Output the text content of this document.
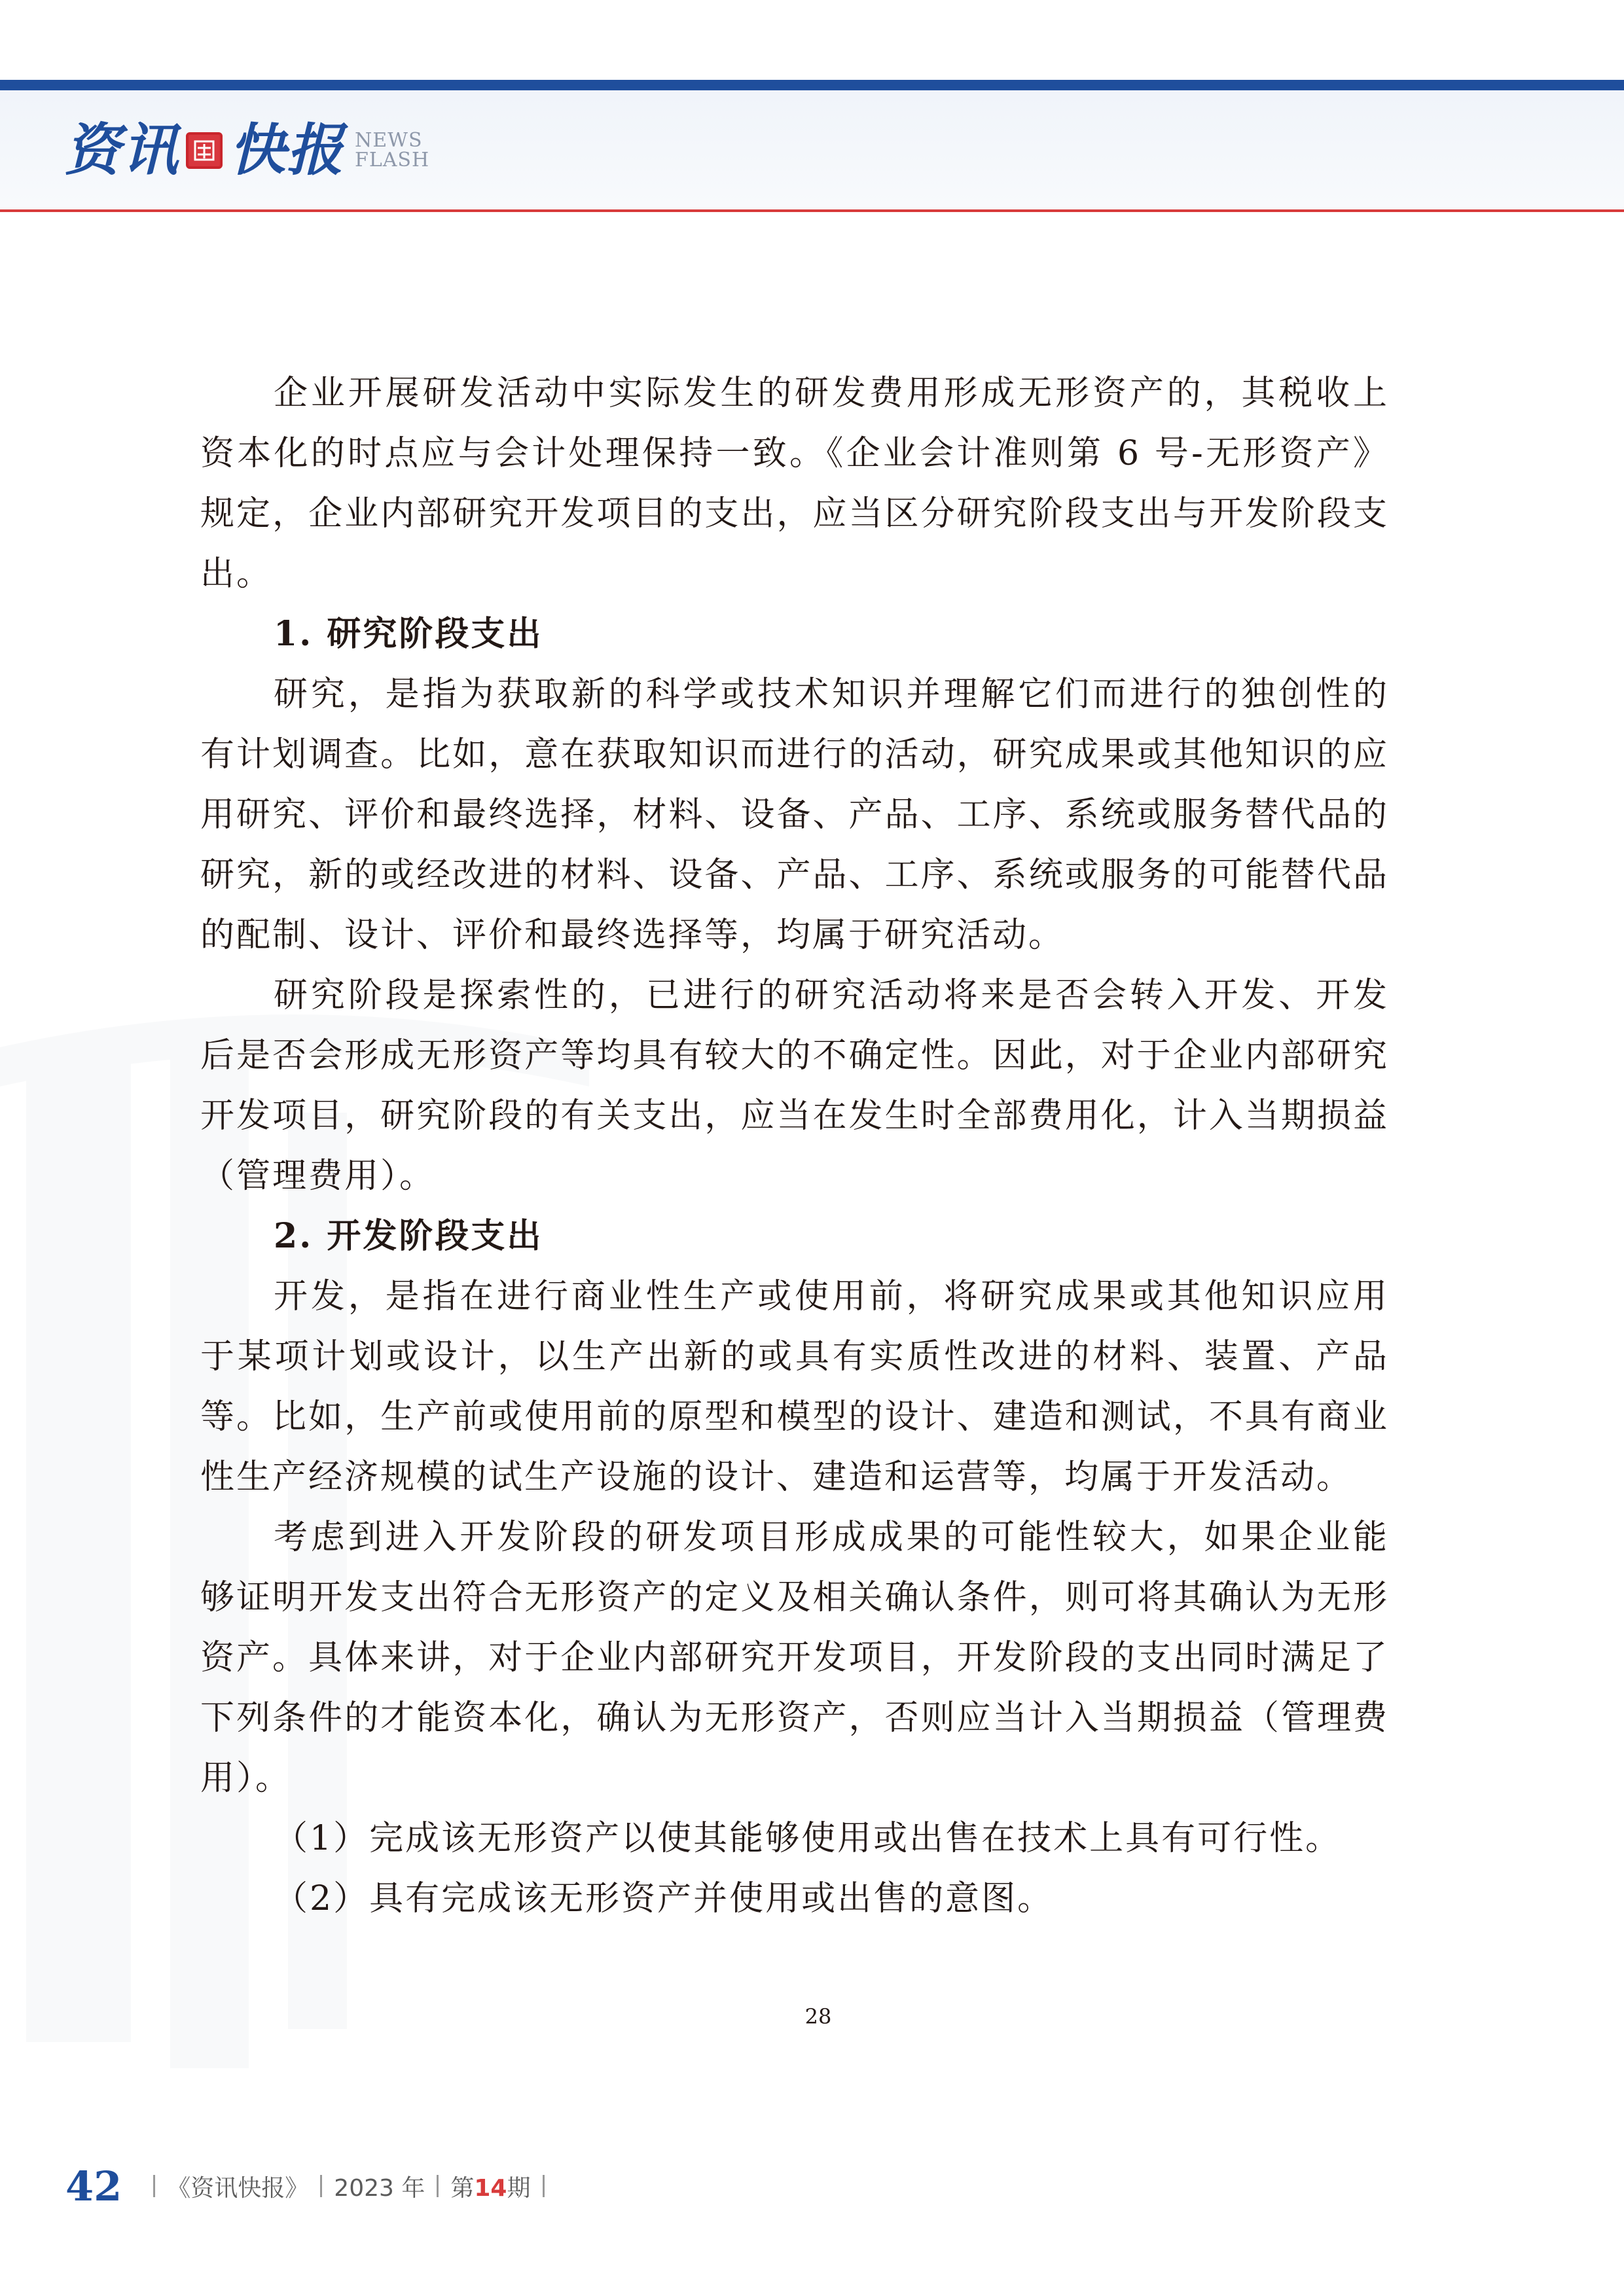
资讯 快报 NEWS
FLASH

企业开展研发活动中实际发生的研发费用形成无形资产的，其税收上资本化的时点应与会计处理保持一致。《企业会计准则第 6 号-无形资产》规定，企业内部研究开发项目的支出，应当区分研究阶段支出与开发阶段支出。

1. 研究阶段支出

研究，是指为获取新的科学或技术知识并理解它们而进行的独创性的有计划调查。比如，意在获取知识而进行的活动，研究成果或其他知识的应用研究、评价和最终选择，材料、设备、产品、工序、系统或服务替代品的研究，新的或经改进的材料、设备、产品、工序、系统或服务的可能替代品的配制、设计、评价和最终选择等，均属于研究活动。

研究阶段是探索性的，已进行的研究活动将来是否会转入开发、开发后是否会形成无形资产等均具有较大的不确定性。因此，对于企业内部研究开发项目，研究阶段的有关支出，应当在发生时全部费用化，计入当期损益（管理费用）。

2. 开发阶段支出

开发，是指在进行商业性生产或使用前，将研究成果或其他知识应用于某项计划或设计，以生产出新的或具有实质性改进的材料、装置、产品等。比如，生产前或使用前的原型和模型的设计、建造和测试，不具有商业性生产经济规模的试生产设施的设计、建造和运营等，均属于开发活动。

考虑到进入开发阶段的研发项目形成成果的可能性较大，如果企业能够证明开发支出符合无形资产的定义及相关确认条件，则可将其确认为无形资产。具体来讲，对于企业内部研究开发项目，开发阶段的支出同时满足了下列条件的才能资本化，确认为无形资产，否则应当计入当期损益（管理费用）。

（1）完成该无形资产以使其能够使用或出售在技术上具有可行性。

（2）具有完成该无形资产并使用或出售的意图。

28
42 《资讯快报》 2023 年 第14期
